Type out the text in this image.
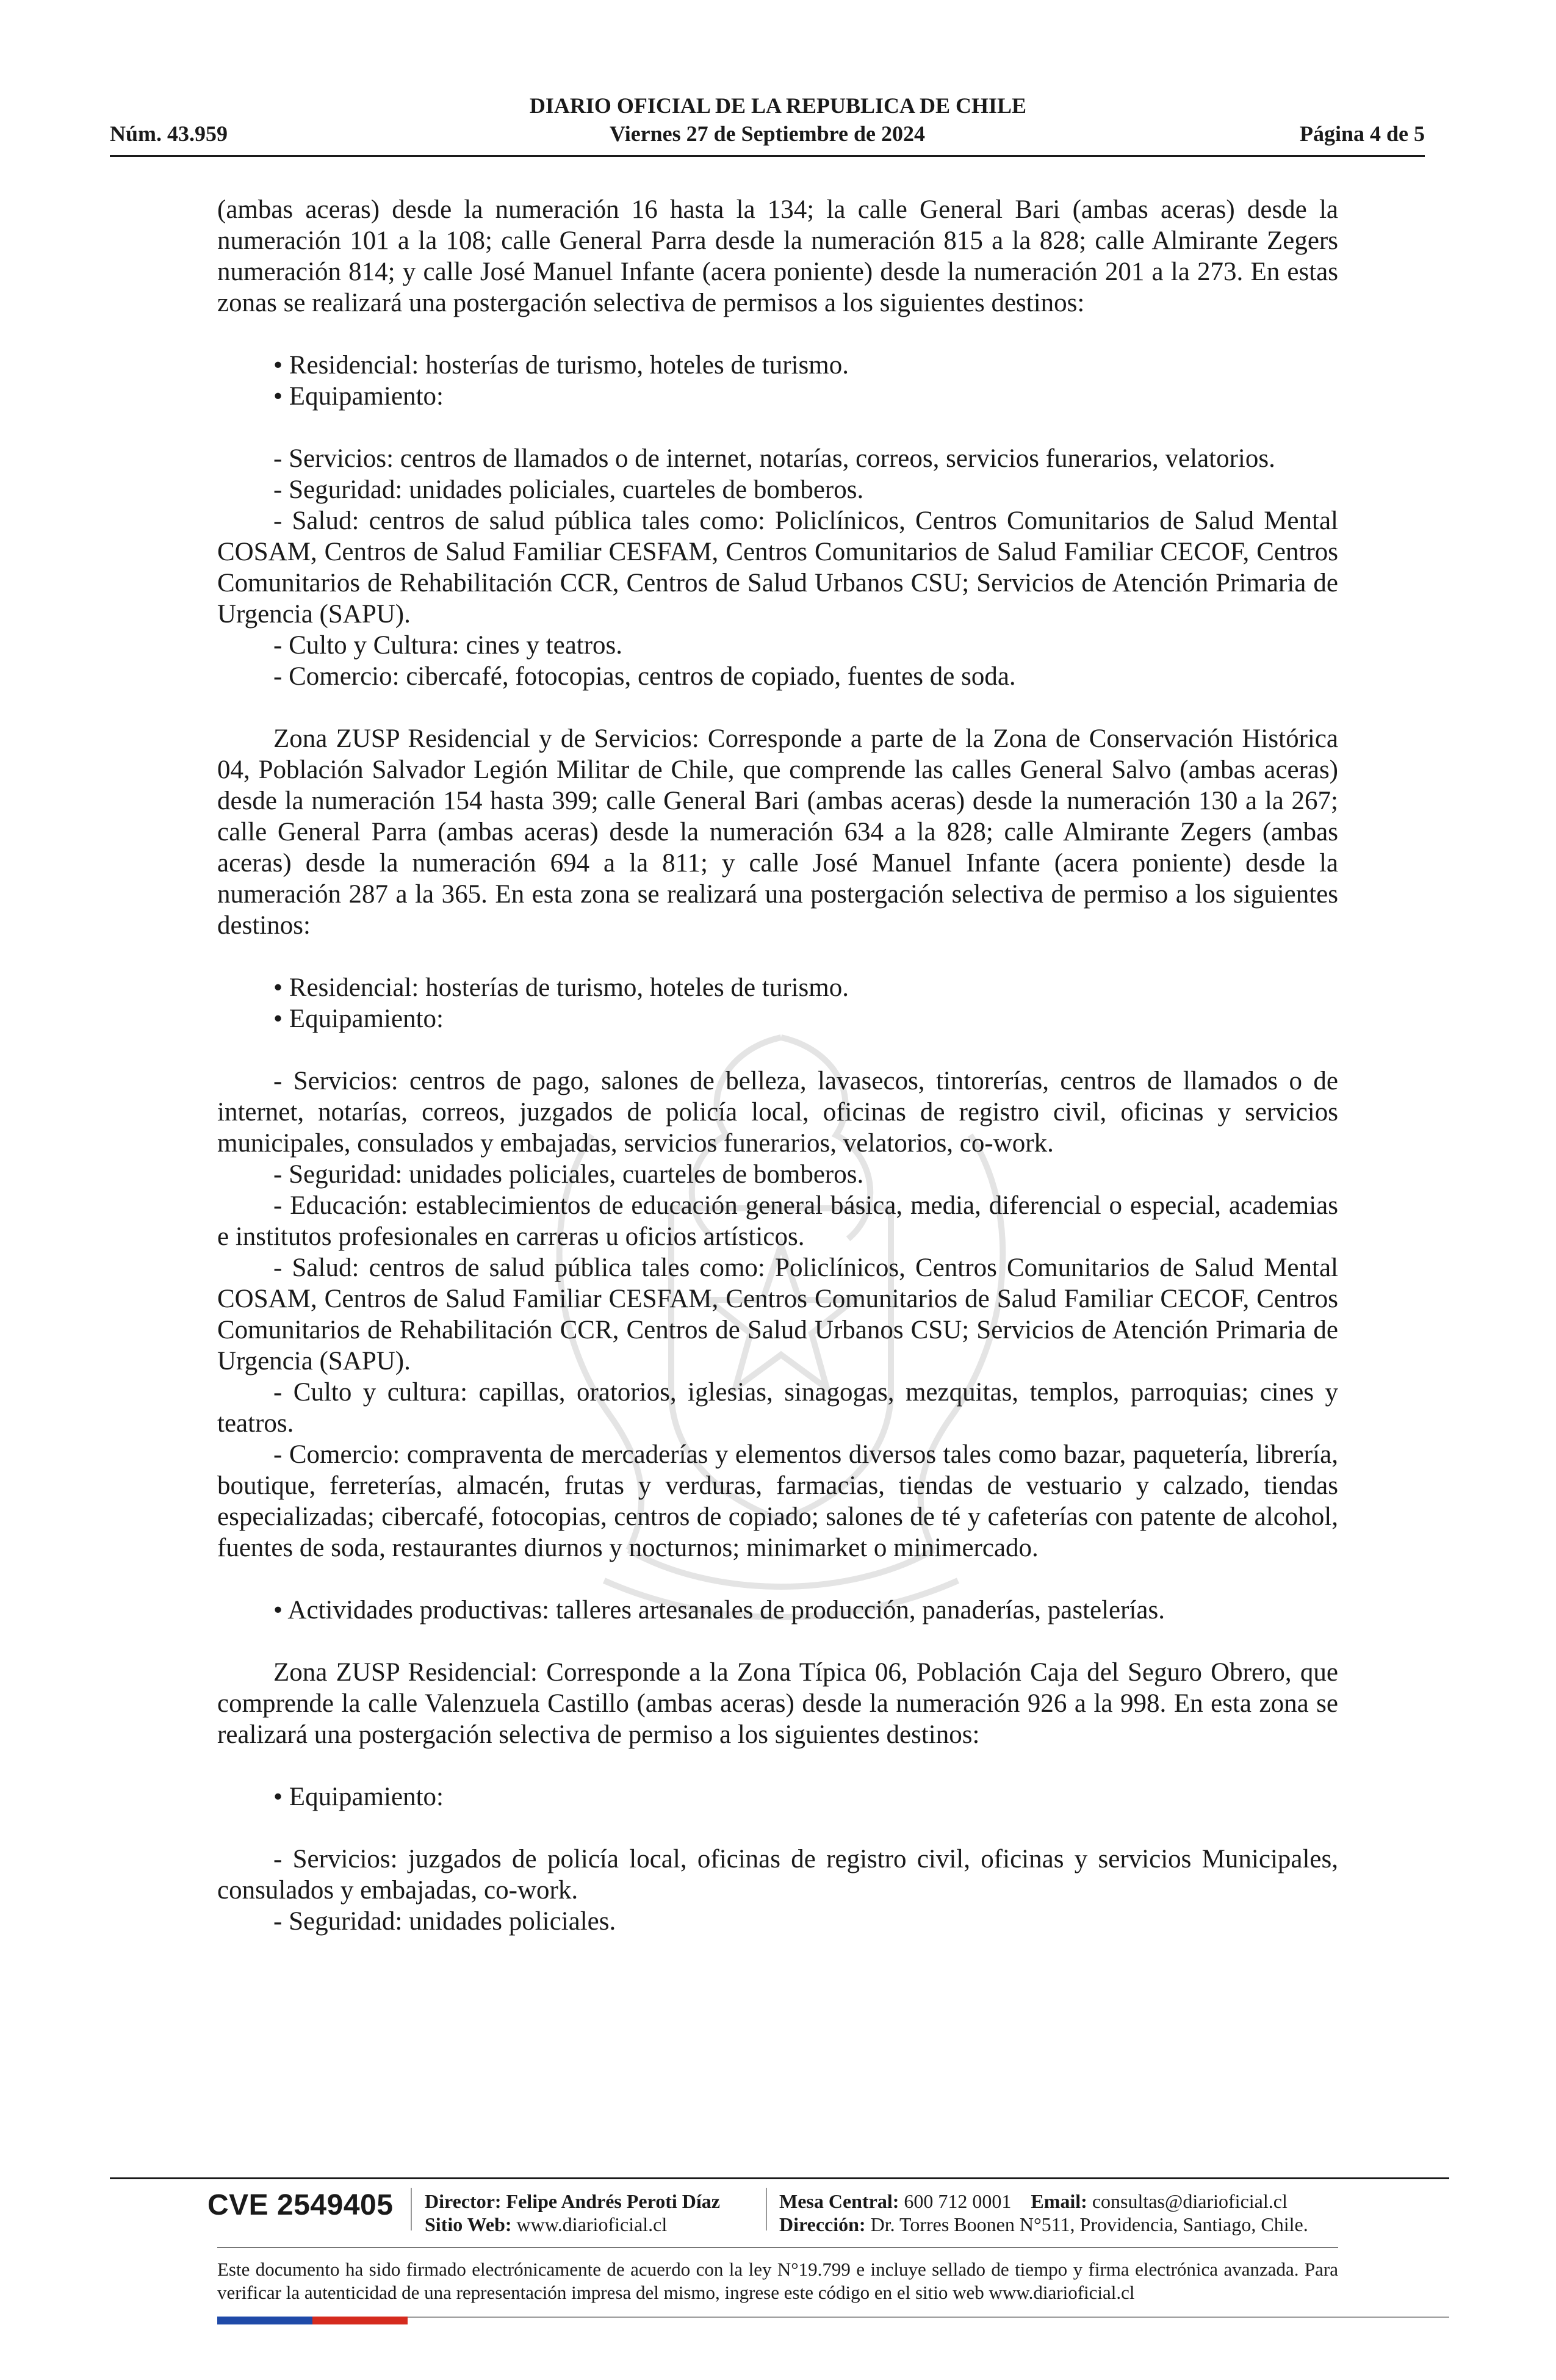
DIARIO OFICIAL DE LA REPUBLICA DE CHILE
Núm. 43.959	Viernes 27 de Septiembre de 2024	Página 4 de 5

(ambas aceras) desde la numeración 16 hasta la 134; la calle General Bari (ambas aceras) desde la numeración 101 a la 108; calle General Parra desde la numeración 815 a la 828; calle Almirante Zegers numeración 814; y calle José Manuel Infante (acera poniente) desde la numeración 201 a la 273. En estas zonas se realizará una postergación selectiva de permisos a los siguientes destinos:

• Residencial: hosterías de turismo, hoteles de turismo.

• Equipamiento:

- Servicios: centros de llamados o de internet, notarías, correos, servicios funerarios, velatorios.

- Seguridad: unidades policiales, cuarteles de bomberos.

- Salud: centros de salud pública tales como: Policlínicos, Centros Comunitarios de Salud Mental COSAM, Centros de Salud Familiar CESFAM, Centros Comunitarios de Salud Familiar CECOF, Centros Comunitarios de Rehabilitación CCR, Centros de Salud Urbanos CSU; Servicios de Atención Primaria de Urgencia (SAPU).

- Culto y Cultura: cines y teatros.

- Comercio: cibercafé, fotocopias, centros de copiado, fuentes de soda.

Zona ZUSP Residencial y de Servicios: Corresponde a parte de la Zona de Conservación Histórica 04, Población Salvador Legión Militar de Chile, que comprende las calles General Salvo (ambas aceras) desde la numeración 154 hasta 399; calle General Bari (ambas aceras) desde la numeración 130 a la 267; calle General Parra (ambas aceras) desde la numeración 634 a la 828; calle Almirante Zegers (ambas aceras) desde la numeración 694 a la 811; y calle José Manuel Infante (acera poniente) desde la numeración 287 a la 365. En esta zona se realizará una postergación selectiva de permiso a los siguientes destinos:

• Residencial: hosterías de turismo, hoteles de turismo.

• Equipamiento:

- Servicios: centros de pago, salones de belleza, lavasecos, tintorerías, centros de llamados o de internet, notarías, correos, juzgados de policía local, oficinas de registro civil, oficinas y servicios municipales, consulados y embajadas, servicios funerarios, velatorios, co-work.

- Seguridad: unidades policiales, cuarteles de bomberos.

- Educación: establecimientos de educación general básica, media, diferencial o especial, academias e institutos profesionales en carreras u oficios artísticos.

- Salud: centros de salud pública tales como: Policlínicos, Centros Comunitarios de Salud Mental COSAM, Centros de Salud Familiar CESFAM, Centros Comunitarios de Salud Familiar CECOF, Centros Comunitarios de Rehabilitación CCR, Centros de Salud Urbanos CSU; Servicios de Atención Primaria de Urgencia (SAPU).

- Culto y cultura: capillas, oratorios, iglesias, sinagogas, mezquitas, templos, parroquias; cines y teatros.

- Comercio: compraventa de mercaderías y elementos diversos tales como bazar, paquetería, librería, boutique, ferreterías, almacén, frutas y verduras, farmacias, tiendas de vestuario y calzado, tiendas especializadas; cibercafé, fotocopias, centros de copiado; salones de té y cafeterías con patente de alcohol, fuentes de soda, restaurantes diurnos y nocturnos; minimarket o minimercado.

• Actividades productivas: talleres artesanales de producción, panaderías, pastelerías.

Zona ZUSP Residencial: Corresponde a la Zona Típica 06, Población Caja del Seguro Obrero, que comprende la calle Valenzuela Castillo (ambas aceras) desde la numeración 926 a la 998. En esta zona se realizará una postergación selectiva de permiso a los siguientes destinos:

• Equipamiento:

- Servicios: juzgados de policía local, oficinas de registro civil, oficinas y servicios Municipales, consulados y embajadas, co-work.

- Seguridad: unidades policiales.

CVE 2549405 Director: Felipe Andrés Peroti Díaz
Sitio Web: www.diarioficial.cl
Mesa Central: 600 712 0001 Email: consultas@diarioficial.cl
Dirección: Dr. Torres Boonen N°511, Providencia, Santiago, Chile.
Este documento ha sido firmado electrónicamente de acuerdo con la ley N°19.799 e incluye sellado de tiempo y firma electrónica avanzada. Para verificar la autenticidad de una representación impresa del mismo, ingrese este código en el sitio web www.diarioficial.cl
